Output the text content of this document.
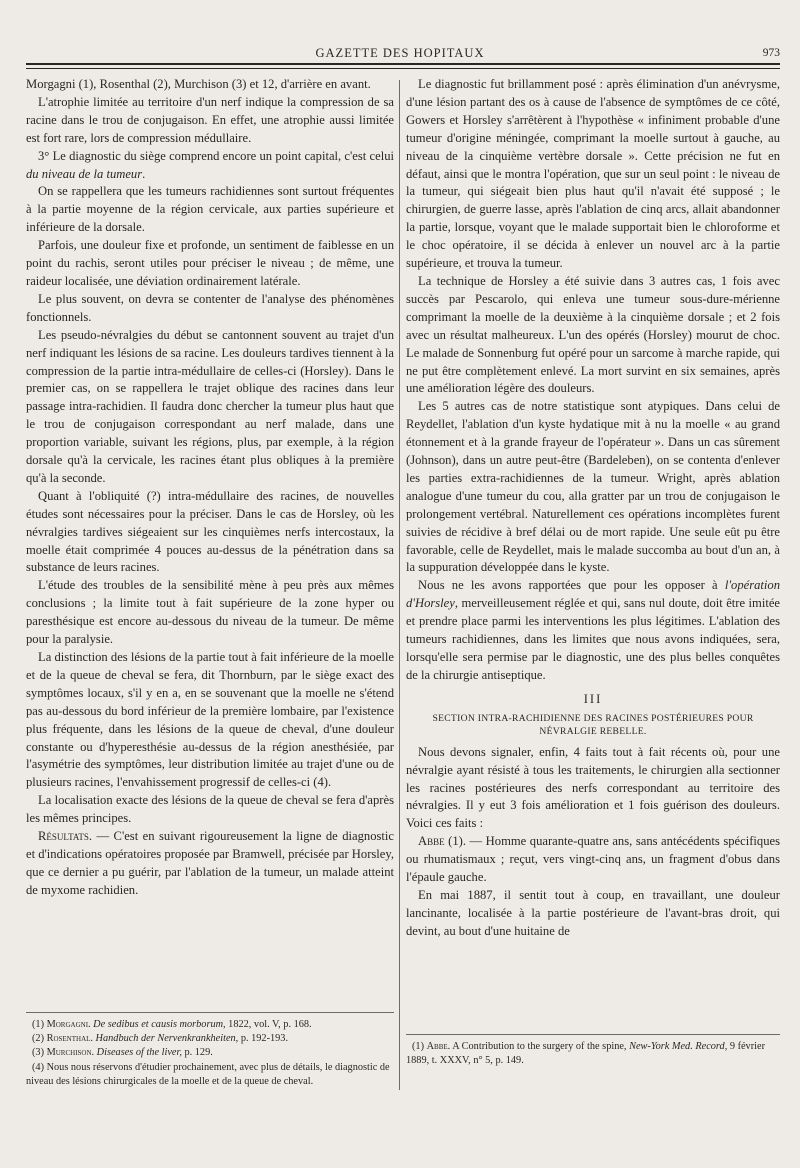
GAZETTE DES HOPITAUX	973

Morgagni (1), Rosenthal (2), Murchison (3) et 12, d'arrière en avant.

L'atrophie limitée au territoire d'un nerf indique la compression de sa racine dans le trou de conjugaison. En effet, une atrophie aussi limitée est fort rare, lors de compression médullaire.

3° Le diagnostic du siège comprend encore un point capital, c'est celui du niveau de la tumeur.

On se rappellera que les tumeurs rachidiennes sont surtout fréquentes à la partie moyenne de la région cervicale, aux parties supérieure et inférieure de la dorsale.

Parfois, une douleur fixe et profonde, un sentiment de faiblesse en un point du rachis, seront utiles pour préciser le niveau ; de même, une raideur localisée, une déviation ordinairement latérale.

Le plus souvent, on devra se contenter de l'analyse des phénomènes fonctionnels.

Les pseudo-névralgies du début se cantonnent souvent au trajet d'un nerf indiquant les lésions de sa racine. Les douleurs tardives tiennent à la compression de la partie intra-médullaire de celles-ci (Horsley). Dans le premier cas, on se rappellera le trajet oblique des racines dans leur passage intra-rachidien. Il faudra donc chercher la tumeur plus haut que le trou de conjugaison correspondant au nerf malade, dans une proportion variable, suivant les régions, plus, par exemple, à la région dorsale qu'à la cervicale, les racines étant plus obliques à la première qu'à la seconde.

Quant à l'obliquité (?) intra-médullaire des racines, de nouvelles études sont nécessaires pour la préciser. Dans le cas de Horsley, où les névralgies tardives siégeaient sur les cinquièmes nerfs intercostaux, la moelle était comprimée 4 pouces au-dessus de la pénétration dans sa substance de leurs racines.

L'étude des troubles de la sensibilité mène à peu près aux mêmes conclusions ; la limite tout à fait supérieure de la zone hyper ou paresthésique est encore au-dessous du niveau de la tumeur. De même pour la paralysie.

La distinction des lésions de la partie tout à fait inférieure de la moelle et de la queue de cheval se fera, dit Thornburn, par le siège exact des symptômes locaux, s'il y en a, en se souvenant que la moelle ne s'étend pas au-dessous du bord inférieur de la première lombaire, par l'existence plus fréquente, dans les lésions de la queue de cheval, d'une douleur constante ou d'hyperesthésie au-dessus de la région anesthésiée, par l'asymétrie des symptômes, leur distribution limitée au trajet d'une ou de plusieurs racines, l'envahissement progressif de celles-ci (4).

La localisation exacte des lésions de la queue de cheval se fera d'après les mêmes principes.

Résultats. — C'est en suivant rigoureusement la ligne de diagnostic et d'indications opératoires proposée par Bramwell, précisée par Horsley, que ce dernier a pu guérir, par l'ablation de la tumeur, un malade atteint de myxome rachidien.

(1) Morgagni. De sedibus et causis morborum, 1822, vol. V, p. 168.

(2) Rosenthal. Handbuch der Nervenkrankheiten, p. 192-193.

(3) Murchison. Diseases of the liver, p. 129.

(4) Nous nous réservons d'étudier prochainement, avec plus de détails, le diagnostic de niveau des lésions chirurgicales de la moelle et de la queue de cheval.

Le diagnostic fut brillamment posé : après élimination d'un anévrysme, d'une lésion partant des os à cause de l'absence de symptômes de ce côté, Gowers et Horsley s'arrêtèrent à l'hypothèse « infiniment probable d'une tumeur d'origine méningée, comprimant la moelle surtout à gauche, au niveau de la cinquième vertèbre dorsale ». Cette précision ne fut en défaut, ainsi que le montra l'opération, que sur un seul point : le niveau de la tumeur, qui siégeait bien plus haut qu'il n'avait été supposé ; le chirurgien, de guerre lasse, après l'ablation de cinq arcs, allait abandonner la partie, lorsque, voyant que le malade supportait bien le chloroforme et le choc opératoire, il se décida à enlever un nouvel arc à la partie supérieure, et trouva la tumeur.

La technique de Horsley a été suivie dans 3 autres cas, 1 fois avec succès par Pescarolo, qui enleva une tumeur sous-dure-mérienne comprimant la moelle de la deuxième à la cinquième dorsale ; et 2 fois avec un résultat malheureux. L'un des opérés (Horsley) mourut de choc. Le malade de Sonnenburg fut opéré pour un sarcome à marche rapide, qui ne put être complètement enlevé. La mort survint en six semaines, après une amélioration légère des douleurs.

Les 5 autres cas de notre statistique sont atypiques. Dans celui de Reydellet, l'ablation d'un kyste hydatique mit à nu la moelle « au grand étonnement et à la grande frayeur de l'opérateur ». Dans un cas sûrement (Johnson), dans un autre peut-être (Bardeleben), on se contenta d'enlever les parties extra-rachidiennes de la tumeur. Wright, après ablation analogue d'une tumeur du cou, alla gratter par un trou de conjugaison le prolongement vertébral. Naturellement ces opérations incomplètes furent suivies de récidive à bref délai ou de mort rapide. Une seule eût pu être favorable, celle de Reydellet, mais le malade succomba au bout d'un an, à la suppuration développée dans le kyste.

Nous ne les avons rapportées que pour les opposer à l'opération d'Horsley, merveilleusement réglée et qui, sans nul doute, doit être imitée et prendre place parmi les interventions les plus légitimes. L'ablation des tumeurs rachidiennes, dans les limites que nous avons indiquées, sera, lorsqu'elle sera permise par le diagnostic, une des plus belles conquêtes de la chirurgie antiseptique.

III
SECTION INTRA-RACHIDIENNE DES RACINES POSTÉRIEURES POUR
NÉVRALGIE REBELLE.

Nous devons signaler, enfin, 4 faits tout à fait récents où, pour une névralgie ayant résisté à tous les traitements, le chirurgien alla sectionner les racines postérieures des nerfs correspondant au territoire des névralgies. Il y eut 3 fois amélioration et 1 fois guérison des douleurs. Voici ces faits :

Abbe (1). — Homme quarante-quatre ans, sans antécédents spécifiques ou rhumatismaux ; reçut, vers vingt-cinq ans, un fragment d'obus dans l'épaule gauche.

En mai 1887, il sentit tout à coup, en travaillant, une douleur lancinante, localisée à la partie postérieure de l'avant-bras droit, qui devint, au bout d'une huitaine de

(1) Abbe. A Contribution to the surgery of the spine, New-York Med. Record, 9 février 1889, t. XXXV, n° 5, p. 149.
